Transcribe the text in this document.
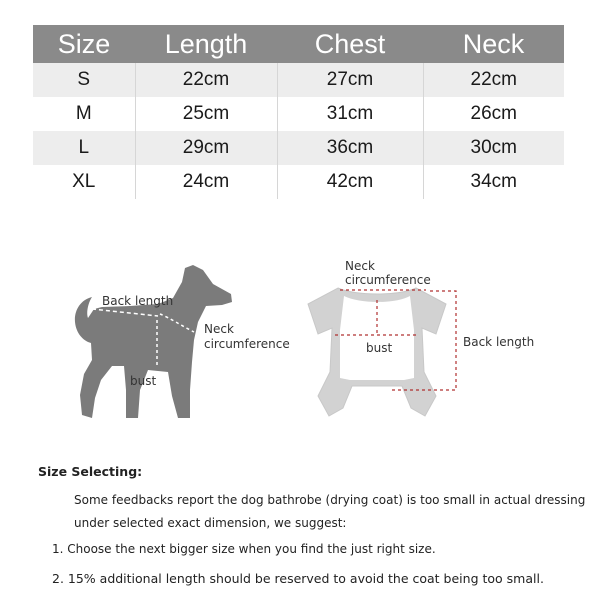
Size	Length	Chest	Neck
S	22cm	27cm	22cm
M	25cm	31cm	26cm
L	29cm	36cm	30cm
XL	24cm	42cm	34cm
Back length
Neck
circumference
bust
Neck
circumference
bust	Back length
Size Selecting:
Some feedbacks report the dog bathrobe (drying coat) is too small in actual dressing
under selected exact dimension, we suggest:
1. Choose the next bigger size when you find the just right size.
2. 15% additional length should be reserved to avoid the coat being too small.
